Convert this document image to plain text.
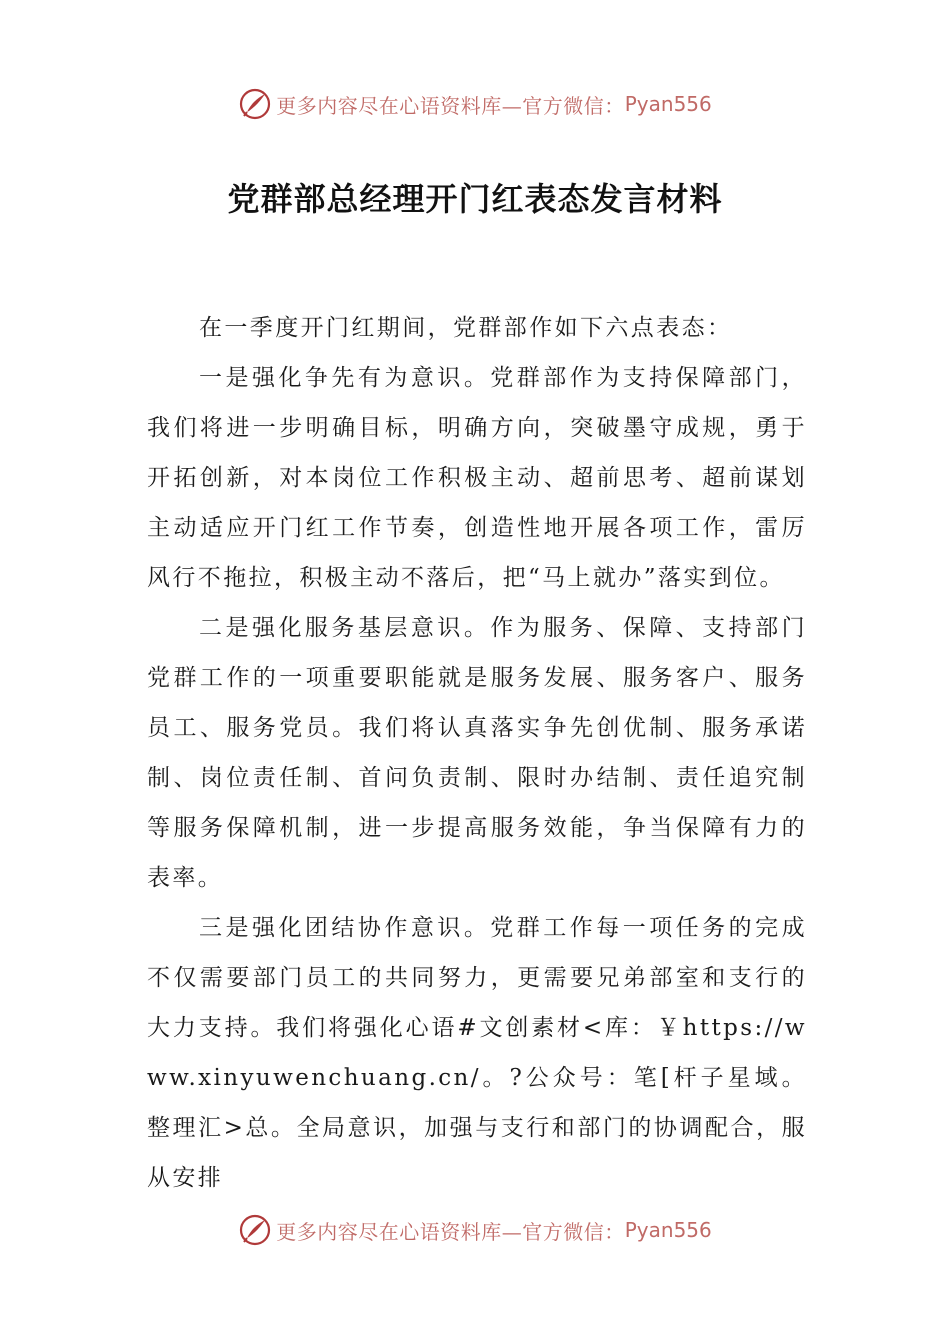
更多内容尽在心语资料库—官方微信： Pyan556
党群部总经理开门红表态发言材料

在一季度开门红期间，党群部作如下六点表态：

一是强化争先有为意识。党群部作为支持保障部门，我们将进一步明确目标，明确方向，突破墨守成规，勇于开拓创新，对本岗位工作积极主动、超前思考、超前谋划主动适应开门红工作节奏，创造性地开展各项工作，雷厉风行不拖拉，积极主动不落后，把“马上就办”落实到位。

二是强化服务基层意识。作为服务、保障、支持部门党群工作的一项重要职能就是服务发展、服务客户、服务员工、服务党员。我们将认真落实争先创优制、服务承诺制、岗位责任制、首问负责制、限时办结制、责任追究制等服务保障机制，进一步提高服务效能，争当保障有力的表率。

三是强化团结协作意识。党群工作每一项任务的完成不仅需要部门员工的共同努力，更需要兄弟部室和支行的大力支持。我们将强化心语#文创素材<库：￥https://www.xinyuwenchuang.cn/。?公众号：笔[杆子星域。整理汇>总。全局意识，加强与支行和部门的协调配合，服从安排

更多内容尽在心语资料库—官方微信： Pyan556
